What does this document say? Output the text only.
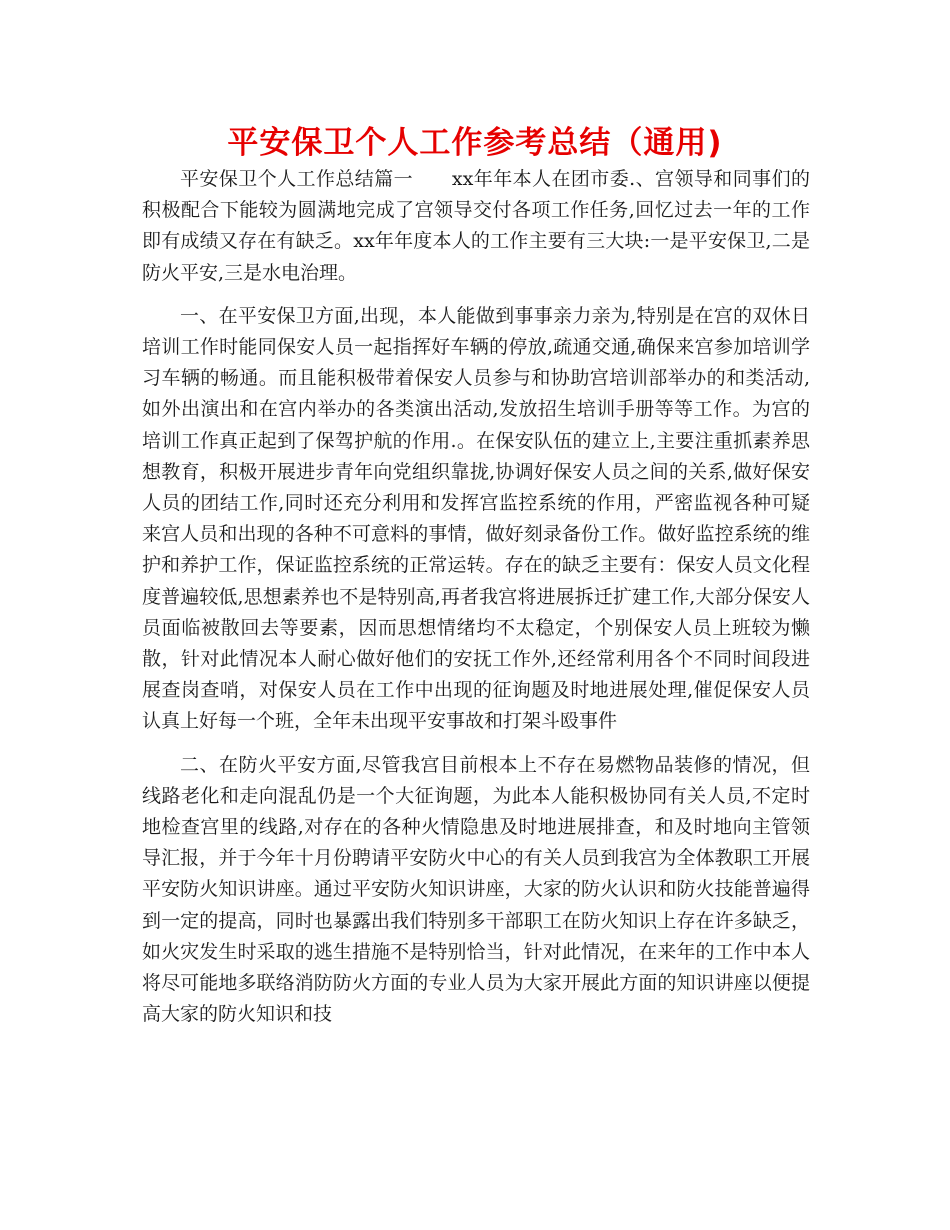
平安保卫个人工作参考总结（通用)

平安保卫个人工作总结篇一　　xx年年本人在团市委.、宫领导和同事们的积极配合下能较为圆满地完成了宫领导交付各项工作任务,回忆过去一年的工作即有成绩又存在有缺乏。xx年年度本人的工作主要有三大块:一是平安保卫,二是防火平安,三是水电治理。

一、在平安保卫方面,出现，本人能做到事事亲力亲为,特别是在宫的双休日培训工作时能同保安人员一起指挥好车辆的停放,疏通交通,确保来宫参加培训学习车辆的畅通。而且能积极带着保安人员参与和协助宫培训部举办的和类活动,如外出演出和在宫内举办的各类演出活动,发放招生培训手册等等工作。为宫的培训工作真正起到了保驾护航的作用.。在保安队伍的建立上,主要注重抓素养思想教育，积极开展进步青年向党组织靠拢,协调好保安人员之间的关系,做好保安人员的团结工作,同时还充分利用和发挥宫监控系统的作用，严密监视各种可疑来宫人员和出现的各种不可意料的事情，做好刻录备份工作。做好监控系统的维护和养护工作，保证监控系统的正常运转。存在的缺乏主要有：保安人员文化程度普遍较低,思想素养也不是特别高,再者我宫将进展拆迁扩建工作,大部分保安人员面临被散回去等要素，因而思想情绪均不太稳定，个别保安人员上班较为懒散，针对此情况本人耐心做好他们的安抚工作外,还经常利用各个不同时间段进展查岗查哨，对保安人员在工作中出现的征询题及时地进展处理,催促保安人员认真上好每一个班，全年未出现平安事故和打架斗殴事件

二、在防火平安方面,尽管我宫目前根本上不存在易燃物品装修的情况，但线路老化和走向混乱仍是一个大征询题，为此本人能积极协同有关人员,不定时地检查宫里的线路,对存在的各种火情隐患及时地进展排查，和及时地向主管领导汇报，并于今年十月份聘请平安防火中心的有关人员到我宫为全体教职工开展平安防火知识讲座。通过平安防火知识讲座，大家的防火认识和防火技能普遍得到一定的提高，同时也暴露出我们特别多干部职工在防火知识上存在许多缺乏，如火灾发生时采取的逃生措施不是特别恰当，针对此情况，在来年的工作中本人将尽可能地多联络消防防火方面的专业人员为大家开展此方面的知识讲座以便提高大家的防火知识和技
